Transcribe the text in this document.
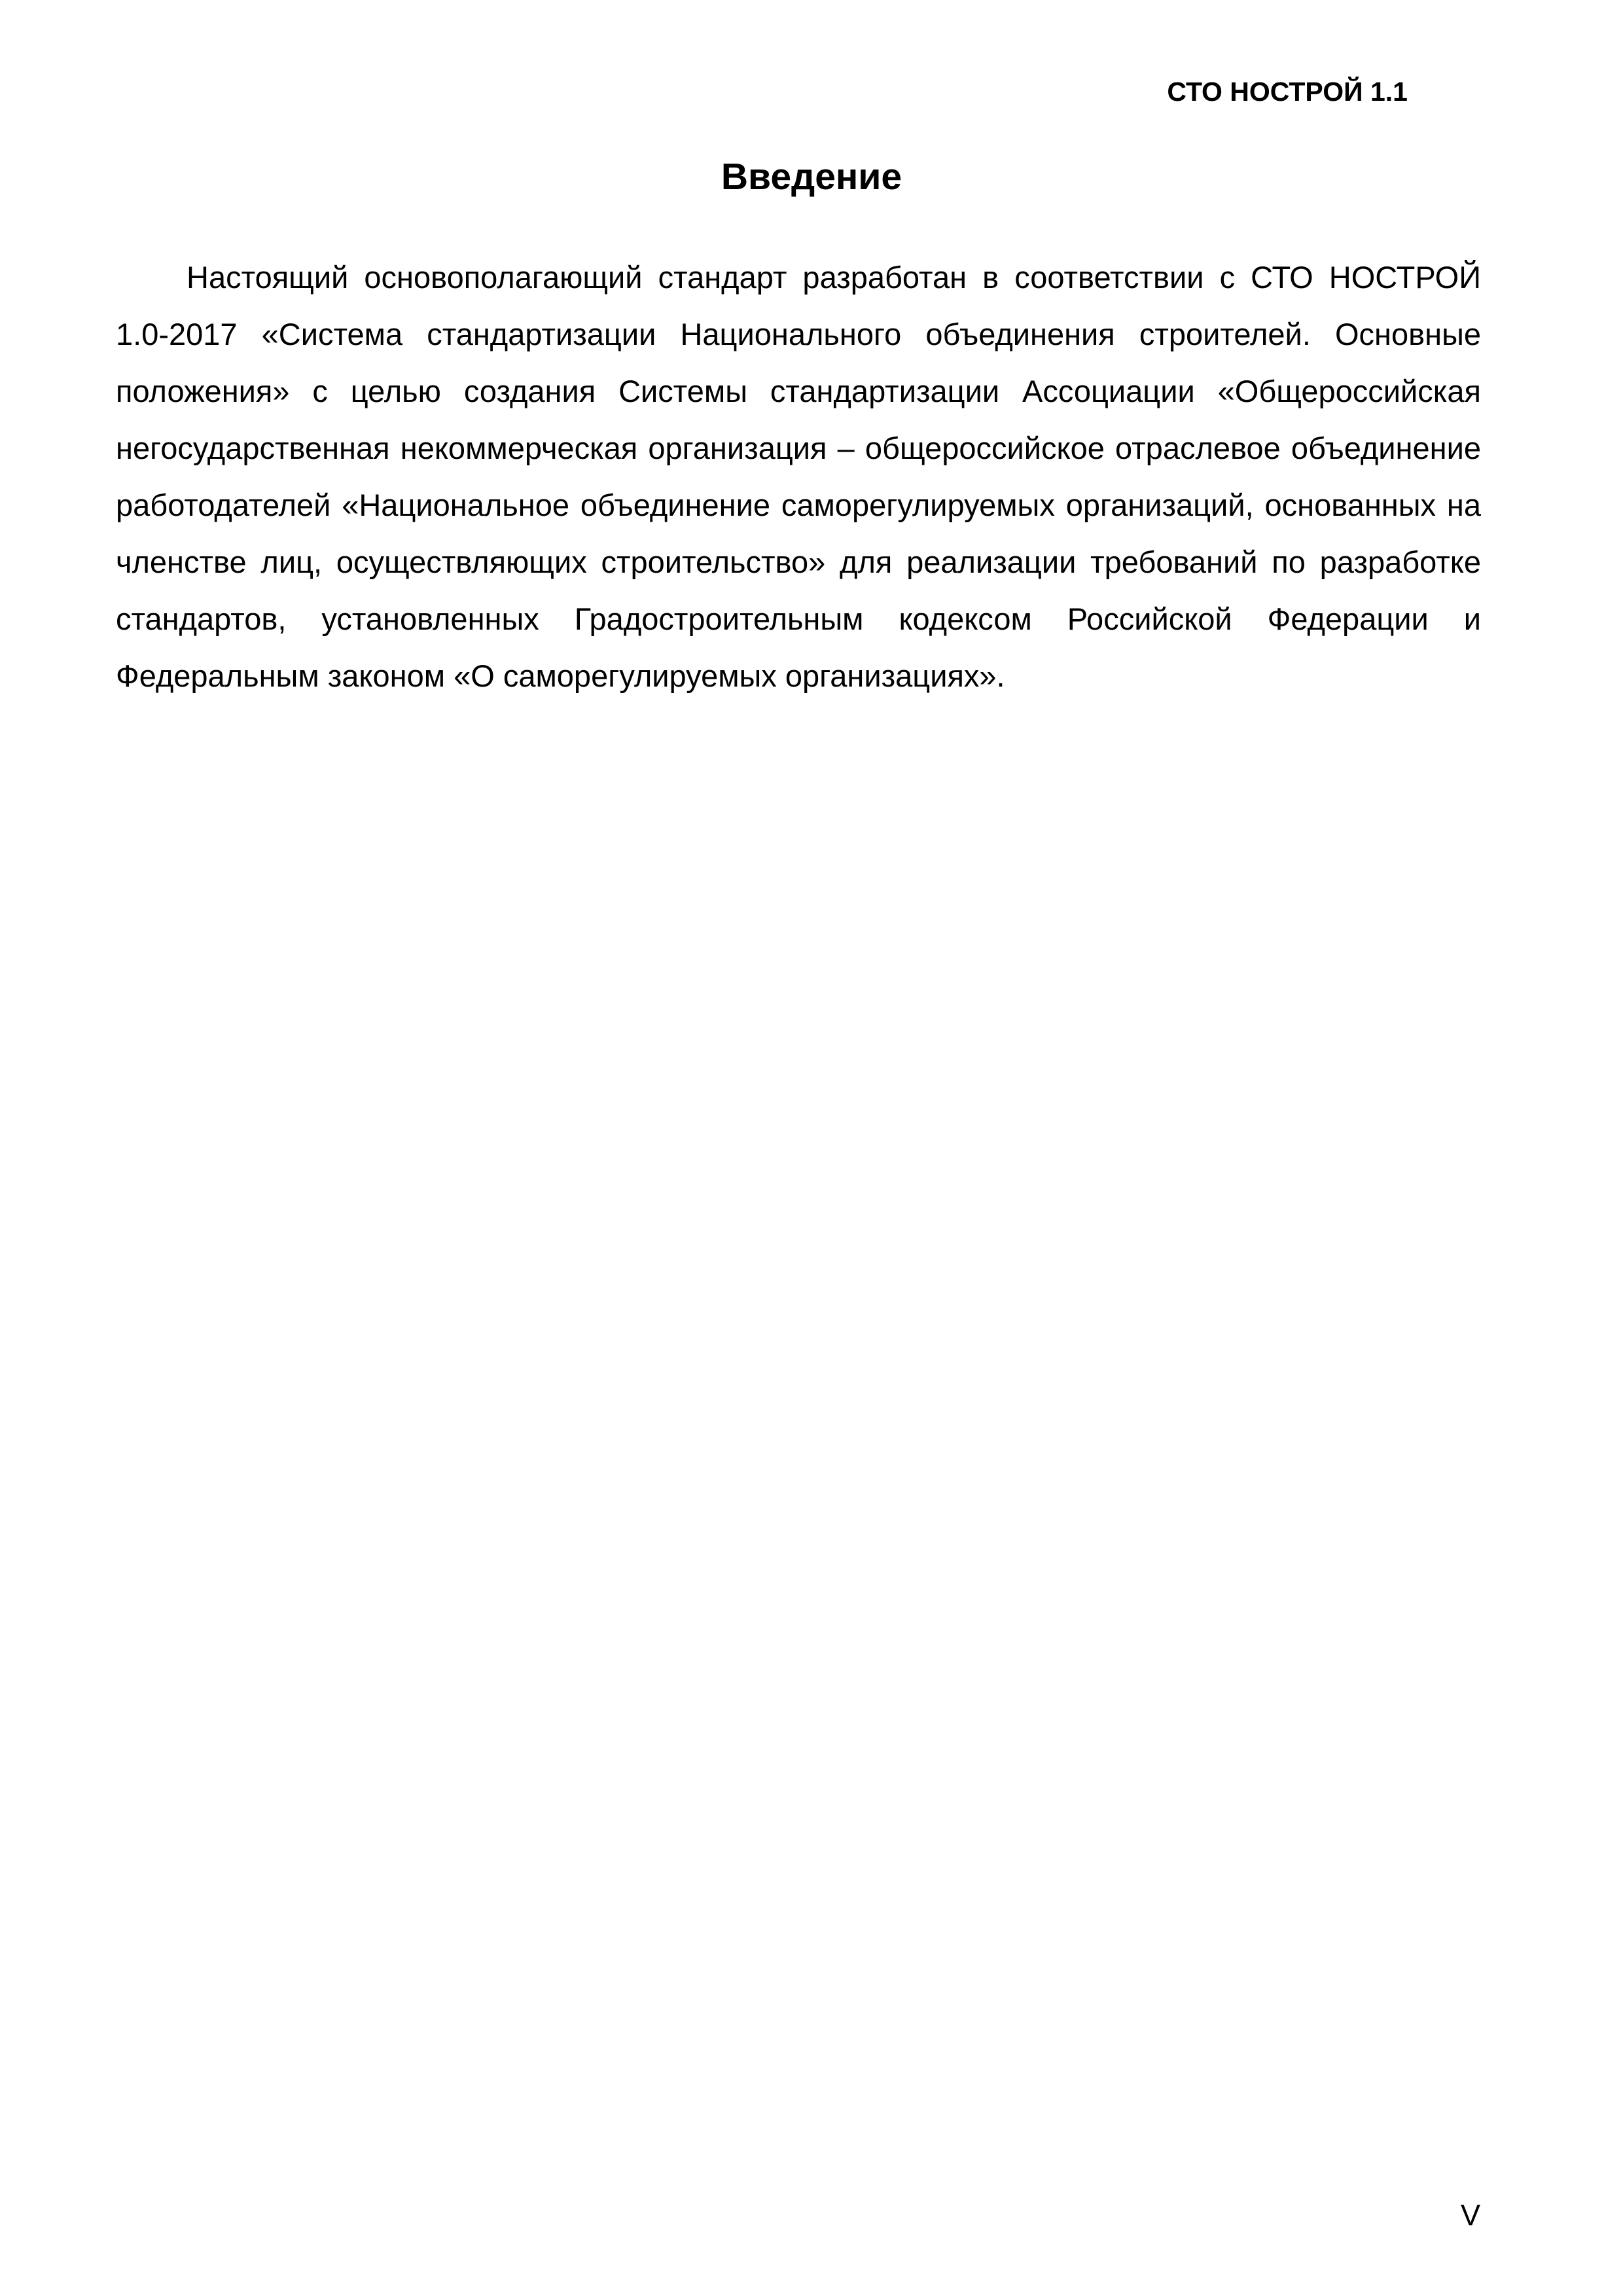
СТО НОСТРОЙ 1.1
Введение

Настоящий основополагающий стандарт разработан в соответствии с СТО НОСТРОЙ 1.0-2017 «Система стандартизации Национального объединения строителей. Основные положения» с целью создания Системы стандартизации Ассоциации «Общероссийская негосударственная некоммерческая организация – общероссийское отраслевое объединение работодателей «Национальное объединение саморегулируемых организаций, основанных на членстве лиц, осуществляющих строительство» для реализации требований по разработке стандартов, установленных Градостроительным кодексом Российской Федерации и Федеральным законом «О саморегулируемых организациях».

V
